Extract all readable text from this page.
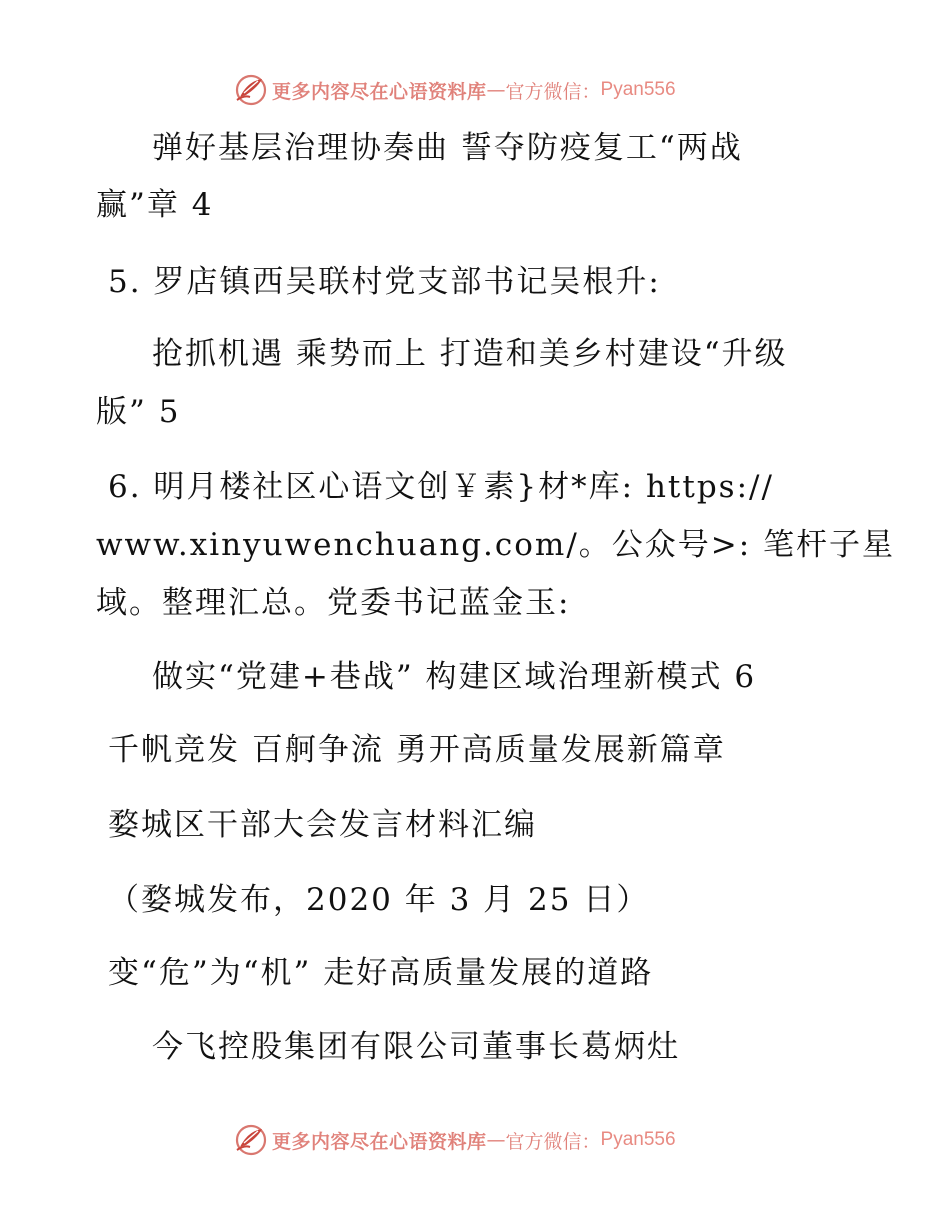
更多内容尽在心语资料库 — 官方微信： Pyan556
弹好基层治理协奏曲 誓夺防疫复工“两战
赢”章 4
5. 罗店镇西吴联村党支部书记吴根升:
抢抓机遇 乘势而上 打造和美乡村建设“升级
版” 5
6. 明月楼社区心语文创￥素}材*库: https://
www.xinyuwenchuang.com/。公众号>: 笔杆子星
域。整理汇总。党委书记蓝金玉:
做实“党建+巷战” 构建区域治理新模式 6
千帆竞发 百舸争流 勇开高质量发展新篇章
婺城区干部大会发言材料汇编
（婺城发布，2020 年 3 月 25 日）
变“危”为“机” 走好高质量发展的道路
今飞控股集团有限公司董事长葛炳灶
更多内容尽在心语资料库 — 官方微信： Pyan556
